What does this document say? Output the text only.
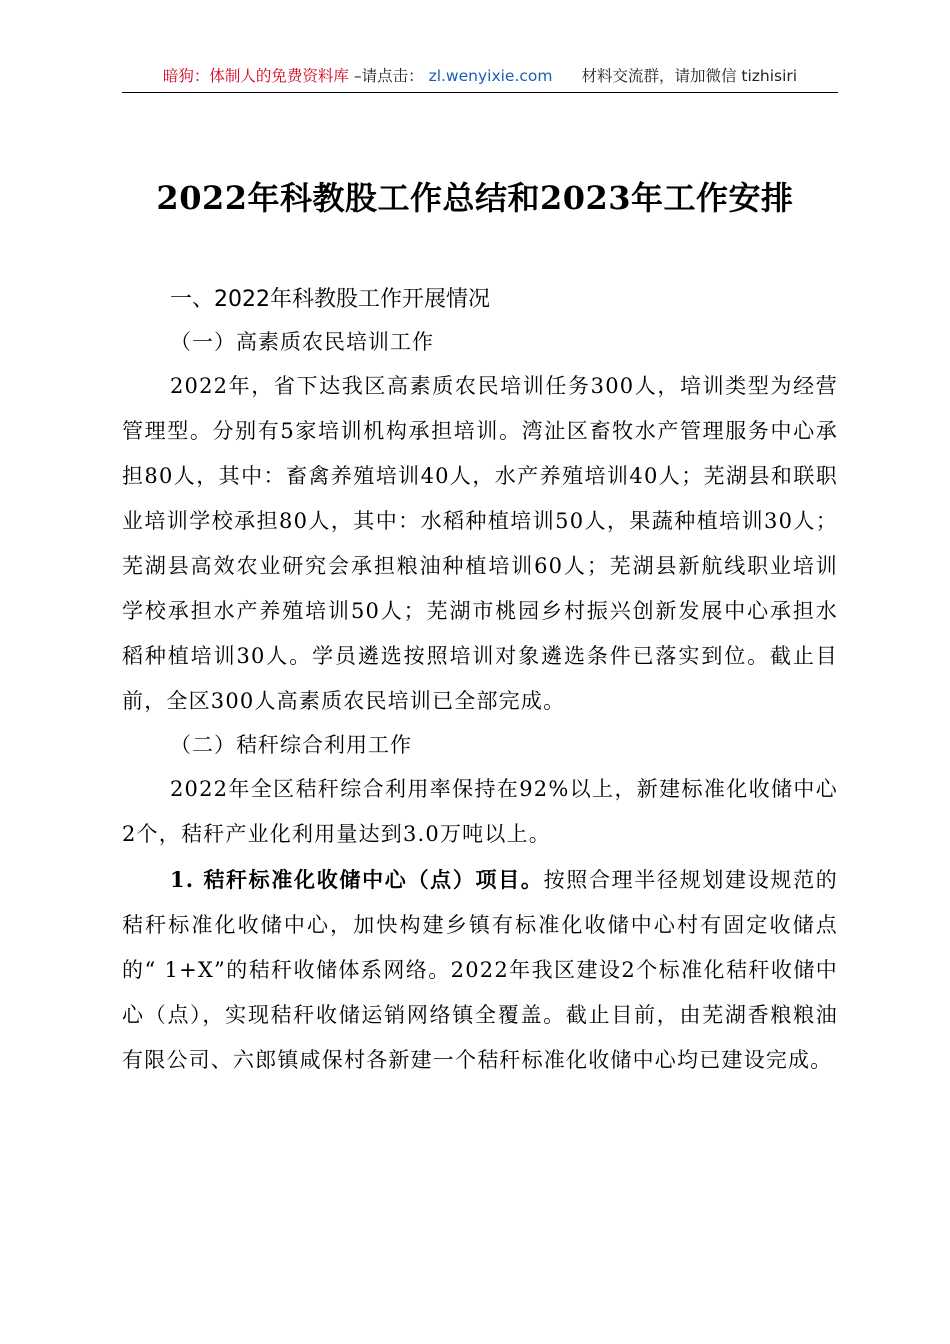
暗狗：体制人的免费资料库 –请点击： zl.wenyixie.com 材料交流群，请加微信 tizhisiri
2022年科教股工作总结和2023年工作安排
一、2022年科教股工作开展情况
（一）高素质农民培训工作

2022年，省下达我区高素质农民培训任务300人，培训类型为经营管理型。分别有5家培训机构承担培训。湾沚区畜牧水产管理服务中心承担80人，其中：畜禽养殖培训40人，水产养殖培训40人；芜湖县和联职业培训学校承担80人，其中：水稻种植培训50人，果蔬种植培训30人；芜湖县高效农业研究会承担粮油种植培训60人；芜湖县新航线职业培训学校承担水产养殖培训50人；芜湖市桃园乡村振兴创新发展中心承担水稻种植培训30人。学员遴选按照培训对象遴选条件已落实到位。截止目前，全区300人高素质农民培训已全部完成。

（二）秸秆综合利用工作

2022年全区秸秆综合利用率保持在92%以上，新建标准化收储中心2个，秸秆产业化利用量达到3.0万吨以上。

1. 秸秆标准化收储中心（点）项目。按照合理半径规划建设规范的秸秆标准化收储中心，加快构建乡镇有标准化收储中心村有固定收储点的“ 1+X”的秸秆收储体系网络。2022年我区建设2个标准化秸秆收储中心（点），实现秸秆收储运销网络镇全覆盖。截止目前，由芜湖香粮粮油有限公司、六郎镇咸保村各新建一个秸秆标准化收储中心均已建设完成。
